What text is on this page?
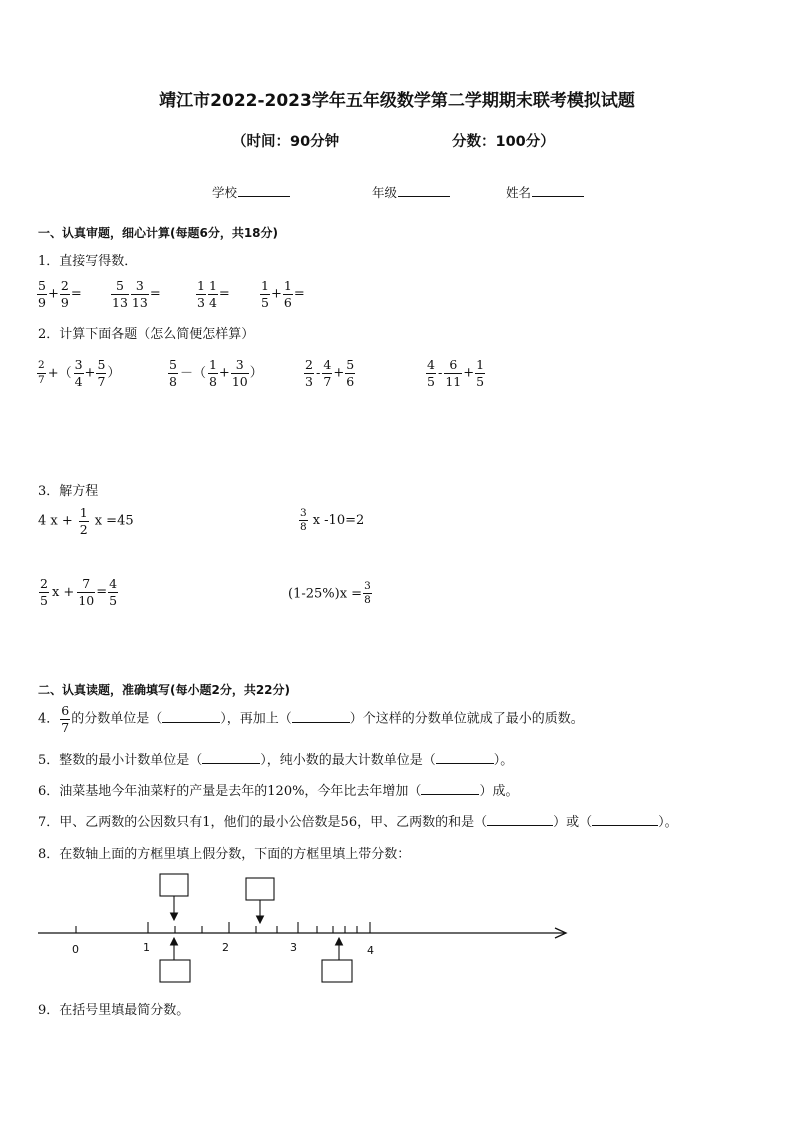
靖江市2022-2023学年五年级数学第二学期期末联考模拟试题
（时间：90分钟	分数：100分）
学校	年级	姓名
一、认真审题，细心计算(每题6分，共18分)
1．直接写得数．
$\frac{5}{9} + \frac{2}{9} = \frac{5}{13} \frac{3}{13}$ =	$\frac{1}{3} \frac{1}{4} = \frac{1}{5} + \frac{1}{6}$ =
2．计算下面各题（怎么简便怎样算）
$\frac{2}{7}$ +（ $\frac{3}{4} + \frac{5}{7}$ ）	$\frac{5}{8}$ －（ $\frac{1}{8} + \frac{3}{10}$ ）	$\frac{2}{3} - \frac{4}{7} + \frac{5}{6}$	$\frac{4}{5} - \frac{6}{11} + \frac{1}{5}$
3．解方程
4 $x + \frac{1}{2}$ x =45	$\frac{3}{8}$ x -10=2
$\frac{2}{5}$ $x + \frac{7}{10} = \frac{4}{5}$	$(1-25\%)x = \frac{3}{8}$
二、认真读题，准确填写(每小题2分，共22分)
4． $\frac{6}{7}$ 的分数单位是（	），再加上（	）个这样的分数单位就成了最小的质数。
5．整数的最小计数单位是（	），纯小数的最大计数单位是（	）。
6．油菜基地今年油菜籽的产量是去年的120%，今年比去年增加（	）成。
7．甲、乙两数的公因数只有1，他们的最小公倍数是56，甲、乙两数的和是（	）或（	）。
8．在数轴上面的方框里填上假分数，下面的方框里填上带分数：
0	1	2	3	4
9．在括号里填最简分数。
